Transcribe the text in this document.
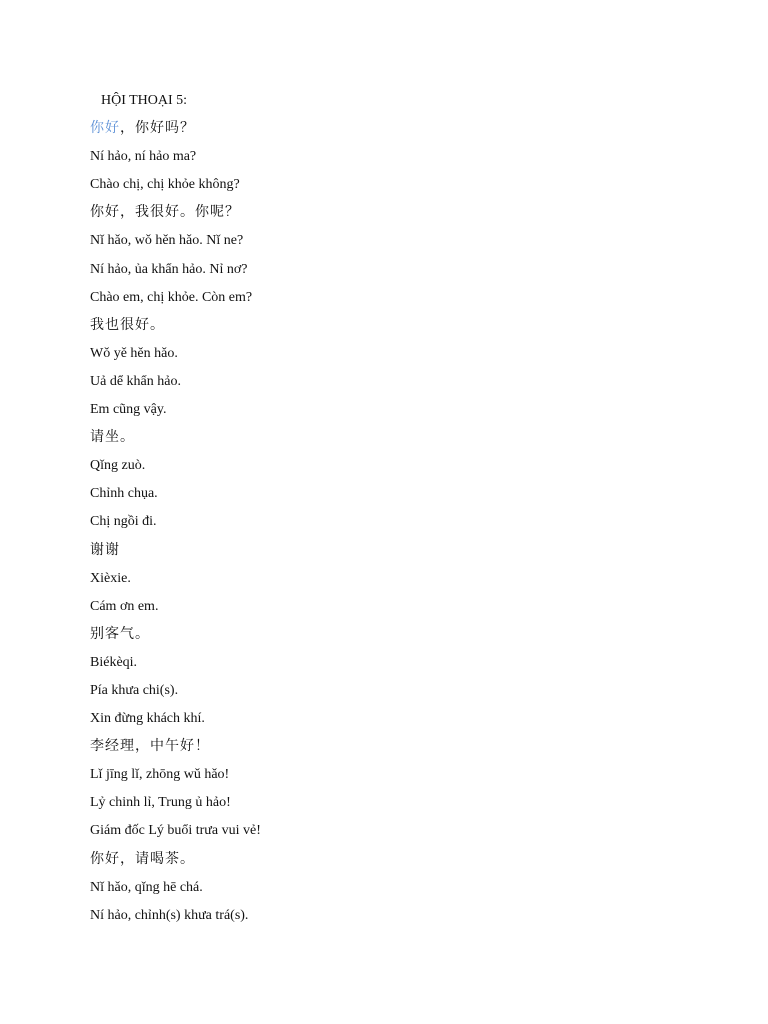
HỘI THOẠI 5:
你好，你好吗？
Ní hảo, ní hảo ma?
Chào chị, chị khỏe không?
你好，我很好。你呢？
Nǐ hǎo, wǒ hěn hǎo. Nǐ ne?
Ní hảo, ủa khẩn hảo. Nỉ nơ?
Chào em, chị khỏe. Còn em?
我也很好。
Wǒ yě hěn hǎo.
Uả dể khẩn hảo.
Em cũng vậy.
请坐。
Qǐng zuò.
Chỉnh chụa.
Chị ngồi đi.
谢谢
Xièxie.
Cám ơn em.
别客气。
Biékèqi.
Pía khưa chi(s).
Xin đừng khách khí.
李经理，中午好！
Lǐ jīng lǐ, zhōng wǔ hǎo!
Lỷ chinh lỉ, Trung ủ hảo!
Giám đốc Lý buổi trưa vui vẻ!
你好，请喝茶。
Nǐ hǎo, qǐng hē chá.
Ní hảo, chỉnh(s) khưa trá(s).
